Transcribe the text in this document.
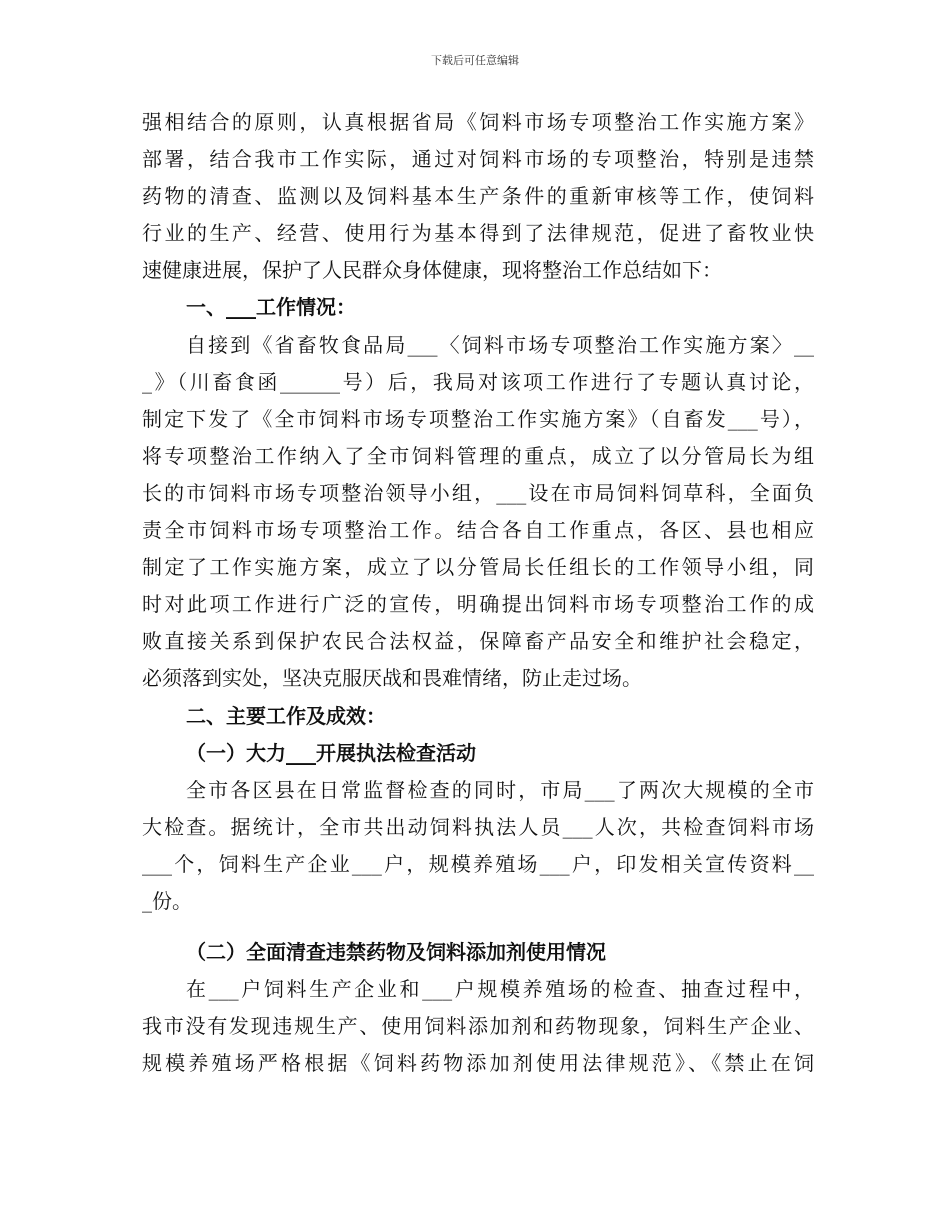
下载后可任意编辑
强相结合的原则，认真根据省局《饲料市场专项整治工作实施方案》
部署，结合我市工作实际，通过对饲料市场的专项整治，特别是违禁
药物的清查、监测以及饲料基本生产条件的重新审核等工作，使饲料
行业的生产、经营、使用行为基本得到了法律规范，促进了畜牧业快
速健康进展，保护了人民群众身体健康，现将整治工作总结如下：
一、___工作情况：
自接到《省畜牧食品局___〈饲料市场专项整治工作实施方案〉__
_》（川畜食函______号）后，我局对该项工作进行了专题认真讨论，
制定下发了《全市饲料市场专项整治工作实施方案》（自畜发___号），
将专项整治工作纳入了全市饲料管理的重点，成立了以分管局长为组
长的市饲料市场专项整治领导小组，___设在市局饲料饲草科，全面负
责全市饲料市场专项整治工作。结合各自工作重点，各区、县也相应
制定了工作实施方案，成立了以分管局长任组长的工作领导小组，同
时对此项工作进行广泛的宣传，明确提出饲料市场专项整治工作的成
败直接关系到保护农民合法权益，保障畜产品安全和维护社会稳定，
必须落到实处，坚决克服厌战和畏难情绪，防止走过场。
二、主要工作及成效：
（一）大力___开展执法检查活动
全市各区县在日常监督检查的同时，市局___了两次大规模的全市
大检查。据统计，全市共出动饲料执法人员___人次，共检查饲料市场
___个，饲料生产企业___户，规模养殖场___户，印发相关宣传资料__
_份。
（二）全面清查违禁药物及饲料添加剂使用情况
在___户饲料生产企业和___户规模养殖场的检查、抽查过程中，
我市没有发现违规生产、使用饲料添加剂和药物现象，饲料生产企业、
规模养殖场严格根据《饲料药物添加剂使用法律规范》、《禁止在饲
